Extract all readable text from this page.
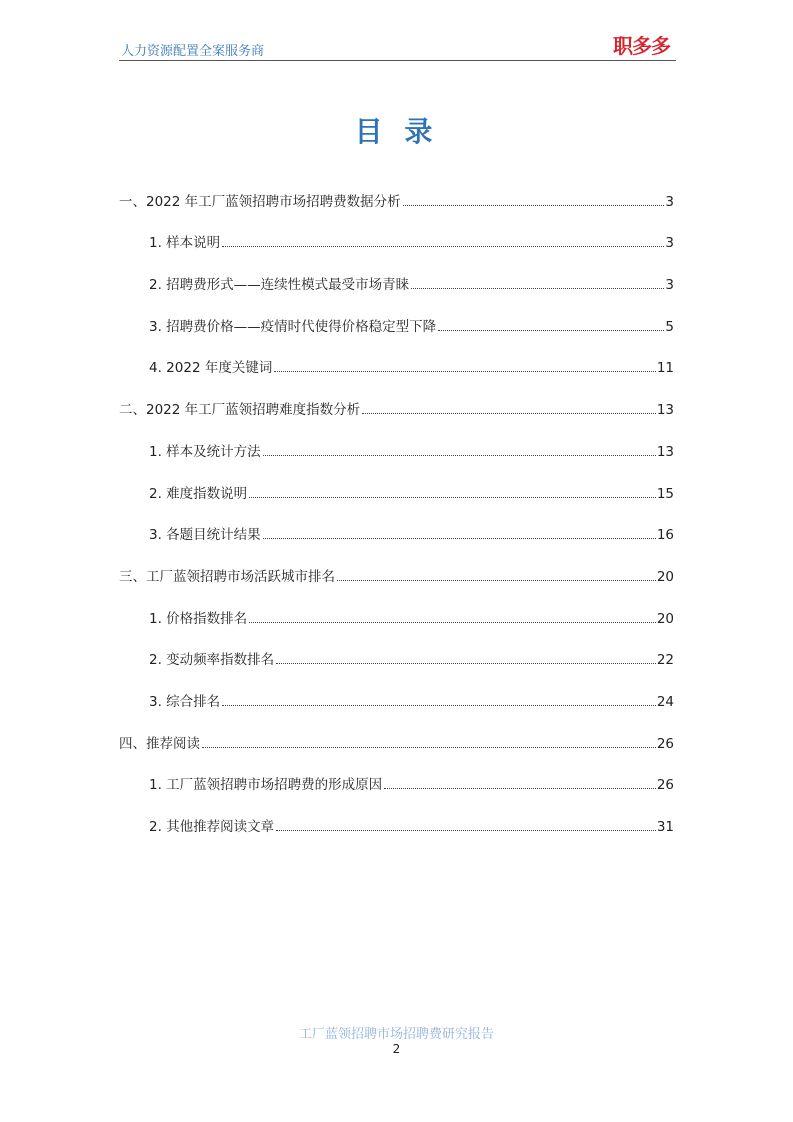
人力资源配置全案服务商	职多多
目 录
一、2022 年工厂蓝领招聘市场招聘费数据分析	3
1. 样本说明	3
2. 招聘费形式——连续性模式最受市场青睐	3
3. 招聘费价格——疫情时代使得价格稳定型下降	5
4. 2022 年度关键词	11
二、2022 年工厂蓝领招聘难度指数分析	13
1. 样本及统计方法	13
2. 难度指数说明	15
3. 各题目统计结果	16
三、工厂蓝领招聘市场活跃城市排名	20
1. 价格指数排名	20
2. 变动频率指数排名	22
3. 综合排名	24
四、推荐阅读	26
1. 工厂蓝领招聘市场招聘费的形成原因	26
2. 其他推荐阅读文章	31
工厂蓝领招聘市场招聘费研究报告
2
